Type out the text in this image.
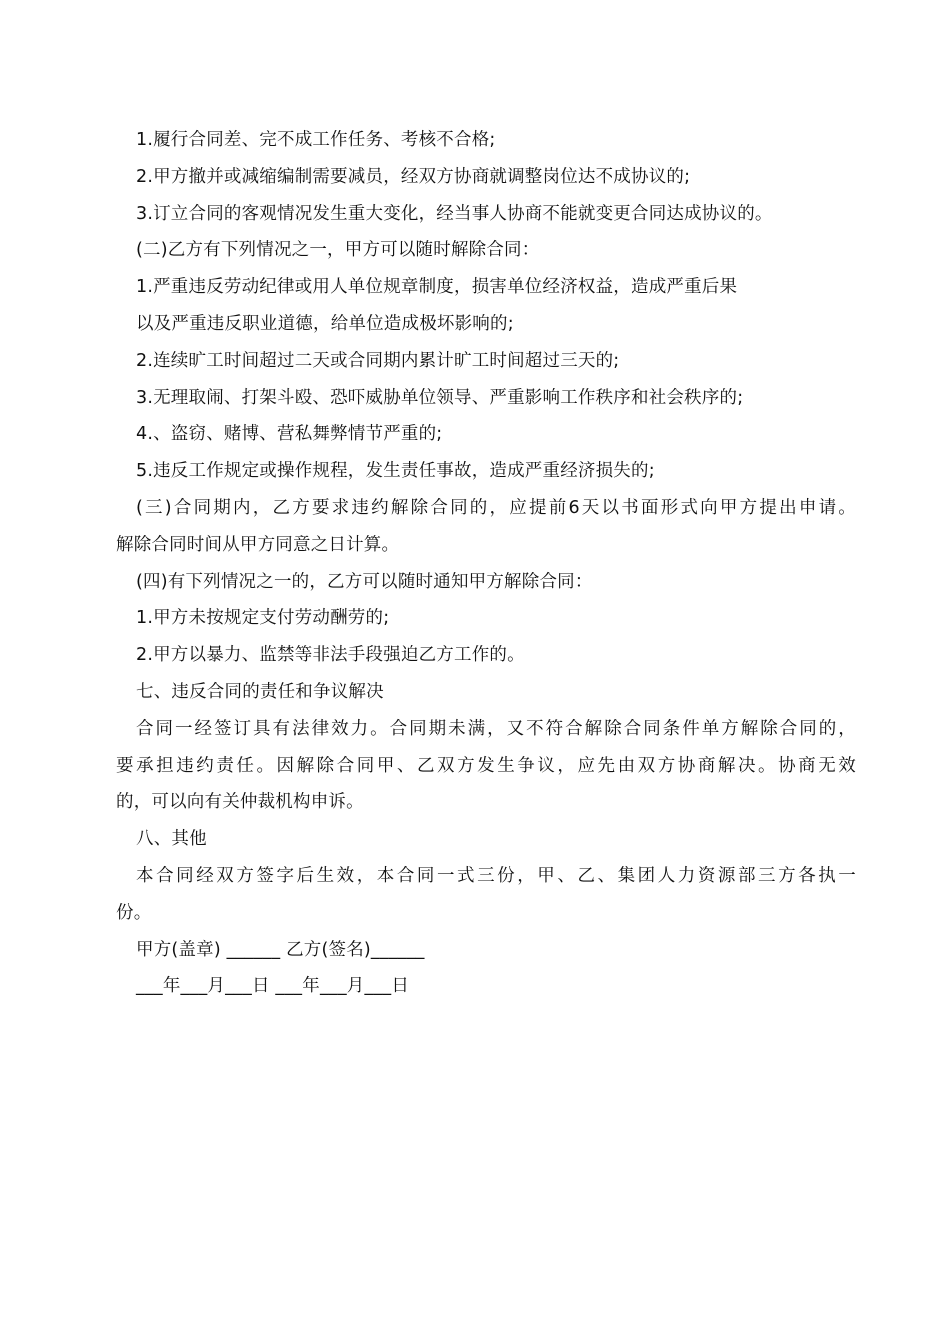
1.履行合同差、完不成工作任务、考核不合格;
2.甲方撤并或减缩编制需要减员，经双方协商就调整岗位达不成协议的;
3.订立合同的客观情况发生重大变化，经当事人协商不能就变更合同达成协议的。
(二)乙方有下列情况之一，甲方可以随时解除合同：
1.严重违反劳动纪律或用人单位规章制度，损害单位经济权益，造成严重后果
以及严重违反职业道德，给单位造成极坏影响的;
2.连续旷工时间超过二天或合同期内累计旷工时间超过三天的;
3.无理取闹、打架斗殴、恐吓威胁单位领导、严重影响工作秩序和社会秩序的;
4.、盗窃、赌博、营私舞弊情节严重的;
5.违反工作规定或操作规程，发生责任事故，造成严重经济损失的;
(三)合同期内，乙方要求违约解除合同的，应提前6天以书面形式向甲方提出申请。
解除合同时间从甲方同意之日计算。
(四)有下列情况之一的，乙方可以随时通知甲方解除合同：
1.甲方未按规定支付劳动酬劳的;
2.甲方以暴力、监禁等非法手段强迫乙方工作的。
七、违反合同的责任和争议解决
合同一经签订具有法律效力。合同期未满，又不符合解除合同条件单方解除合同的，
要承担违约责任。因解除合同甲、乙双方发生争议，应先由双方协商解决。协商无效
的，可以向有关仲裁机构申诉。
八、其他
本合同经双方签字后生效，本合同一式三份，甲、乙、集团人力资源部三方各执一
份。
甲方(盖章) ______ 乙方(签名)______
___年___月___日 ___年___月___日
